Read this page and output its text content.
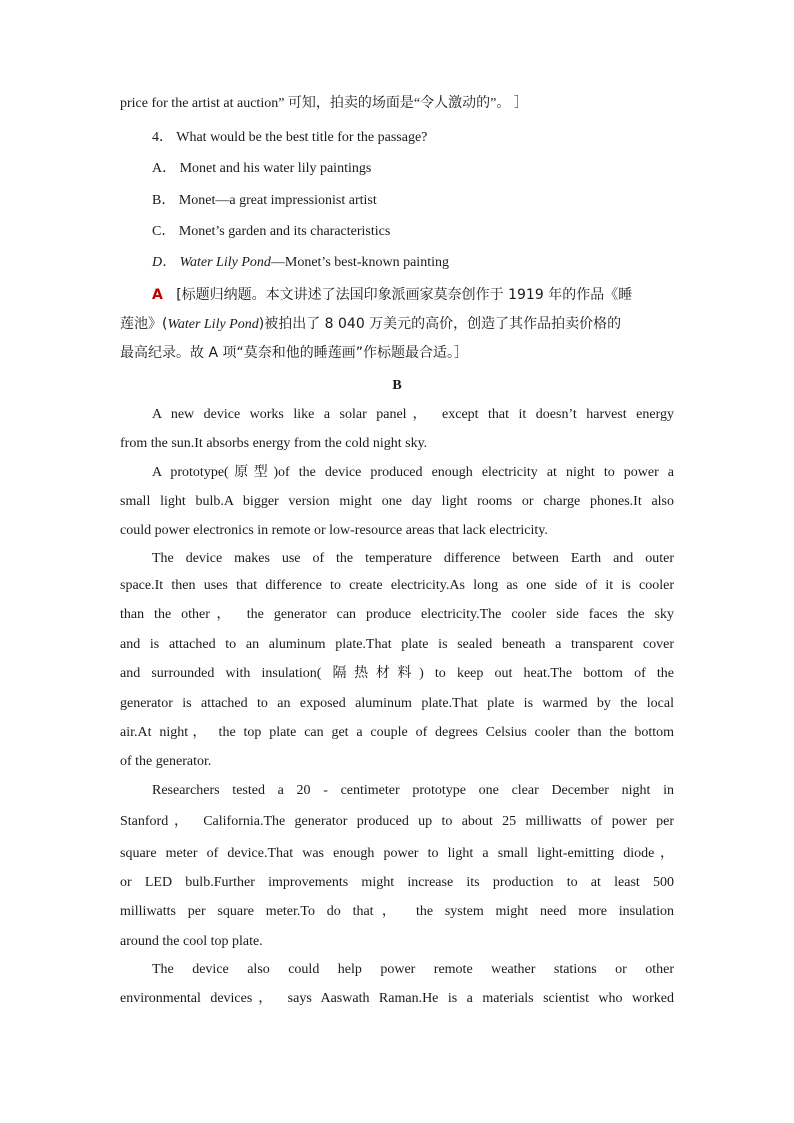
price for the artist at auction” 可知，拍卖的场面是“令人激动的”。 ］

4． What would be the best title for the passage?

A． Monet and his water lily paintings

B． Monet—a great impressionist artist

C． Monet’s garden and its characteristics

D． Water Lily Pond—Monet’s best-known painting

A [标题归纳题。本文讲述了法国印象派画家莫奈创作于 1919 年的作品《睡

莲池》(Water Lily Pond)被拍出了 8 040 万美元的高价，创造了其作品拍卖价格的

最高纪录。故 A 项“莫奈和他的睡莲画”作标题最合适。］

B

A new device works like a solar panel， except that it doesn’t harvest energy

from the sun.It absorbs energy from the cold night sky.

A prototype(原型)of the device produced enough electricity at night to power a

small light bulb.A bigger version might one day light rooms or charge phones.It also

could power electronics in remote or low-resource areas that lack electricity.

The device makes use of the temperature difference between Earth and outer

space.It then uses that difference to create electricity.As long as one side of it is cooler

than the other， the generator can produce electricity.The cooler side faces the sky

and is attached to an aluminum plate.That plate is sealed beneath a transparent cover

and surrounded with insulation( 隔热材料) to keep out heat.The bottom of the

generator is attached to an exposed aluminum plate.That plate is warmed by the local

air.At night， the top plate can get a couple of degrees Celsius cooler than the bottom

of the generator.

Researchers tested a 20 - centimeter prototype one clear December night in

Stanford， California.The generator produced up to about 25 milliwatts of power per

square meter of device.That was enough power to light a small light-emitting diode，

or LED bulb.Further improvements might increase its production to at least 500

milliwatts per square meter.To do that， the system might need more insulation

around the cool top plate.

The device also could help power remote weather stations or other

environmental devices， says Aaswath Raman.He is a materials scientist who worked
